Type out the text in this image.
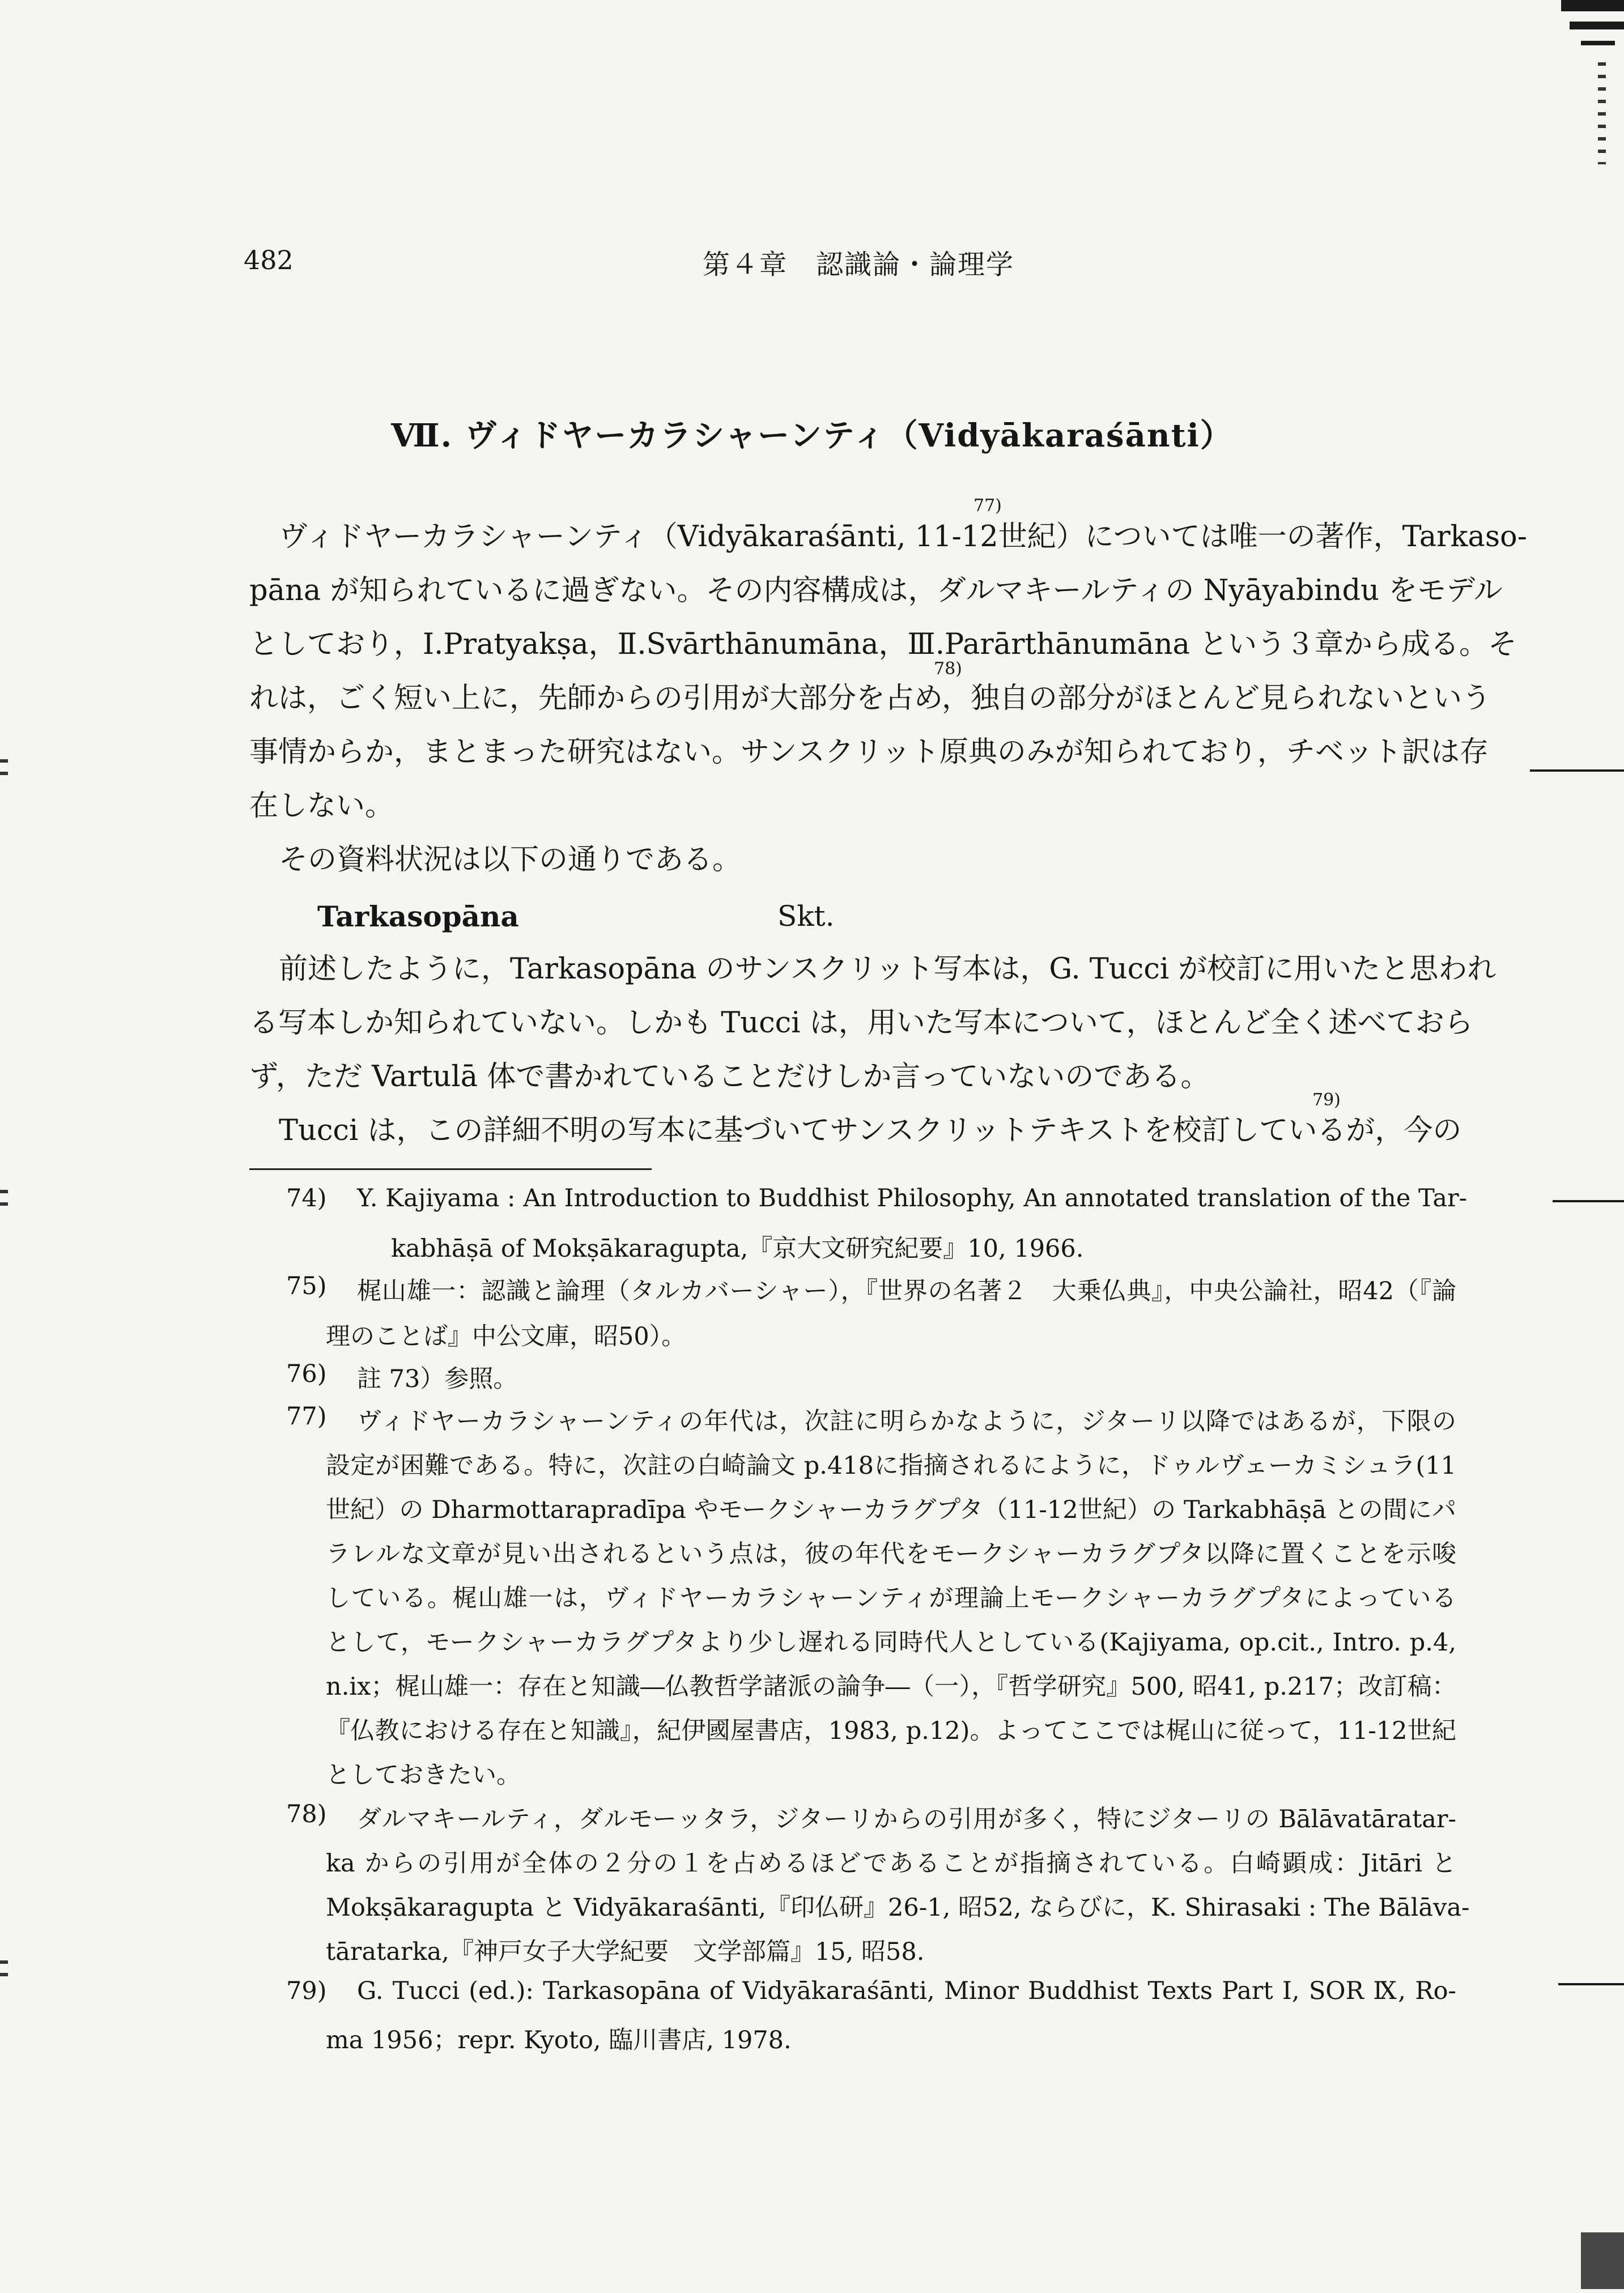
482	第４章　認識論・論理学
Ⅶ. ヴィドヤーカラシャーンティ（Vidyākaraśānti）

ヴィドヤーカラシャーンティ（Vidyākaraśānti, 11-12世紀）については唯一の著作，Tarkaso-

pāna が知られているに過ぎない。その内容構成は，ダルマキールティの Nyāyabindu をモデル

としており，Ⅰ.Pratyakṣa，Ⅱ.Svārthānumāna，Ⅲ.Parārthānumāna という３章から成る。そ

れは，ごく短い上に，先師からの引用が大部分を占め，独自の部分がほとんど見られないという

事情からか，まとまった研究はない。サンスクリット原典のみが知られており，チベット訳は存

在しない。

その資料状況は以下の通りである。

77)
78)
Tarkasopāna	Skt.

前述したように，Tarkasopāna のサンスクリット写本は，G. Tucci が校訂に用いたと思われ

る写本しか知られていない。しかも Tucci は，用いた写本について，ほとんど全く述べておら

ず，ただ Vartulā 体で書かれていることだけしか言っていないのである。

Tucci は，この詳細不明の写本に基づいてサンスクリットテキストを校訂しているが，今の

79)
74) Y. Kajiyama : An Introduction to Buddhist Philosophy, An annotated translation of the Tar-

kabhāṣā of Mokṣākaragupta,『京大文研究紀要』10, 1966.

75) 梶山雄一：認識と論理（タルカバーシャー），『世界の名著２　大乗仏典』，中央公論社，昭42（『論

理のことば』中公文庫，昭50）。

76) 註 73）参照。

77) ヴィドヤーカラシャーンティの年代は，次註に明らかなように，ジターリ以降ではあるが，下限の

設定が困難である。特に，次註の白崎論文 p.418に指摘されるにように，ドゥルヴェーカミシュラ(11

世紀）の Dharmottarapradīpa やモークシャーカラグプタ（11-12世紀）の Tarkabhāṣā との間にパ

ラレルな文章が見い出されるという点は，彼の年代をモークシャーカラグプタ以降に置くことを示唆

している。梶山雄一は，ヴィドヤーカラシャーンティが理論上モークシャーカラグプタによっている

として，モークシャーカラグプタより少し遅れる同時代人としている(Kajiyama, op.cit., Intro. p.4,

n.ix；梶山雄一：存在と知識―仏教哲学諸派の論争―（一），『哲学研究』500, 昭41, p.217；改訂稿：

『仏教における存在と知識』，紀伊國屋書店，1983, p.12)。よってここでは梶山に従って，11-12世紀

としておきたい。

78) ダルマキールティ，ダルモーッタラ，ジターリからの引用が多く，特にジターリの Bālāvatāratar-

ka からの引用が全体の２分の１を占めるほどであることが指摘されている。白崎顕成：Jitāri と

Mokṣākaragupta と Vidyākaraśānti,『印仏研』26-1, 昭52, ならびに，K. Shirasaki : The Bālāva-

tāratarka,『神戸女子大学紀要　文学部篇』15, 昭58.

79) G. Tucci (ed.): Tarkasopāna of Vidyākaraśānti, Minor Buddhist Texts Part I, SOR Ⅸ, Ro-

ma 1956；repr. Kyoto, 臨川書店, 1978.
